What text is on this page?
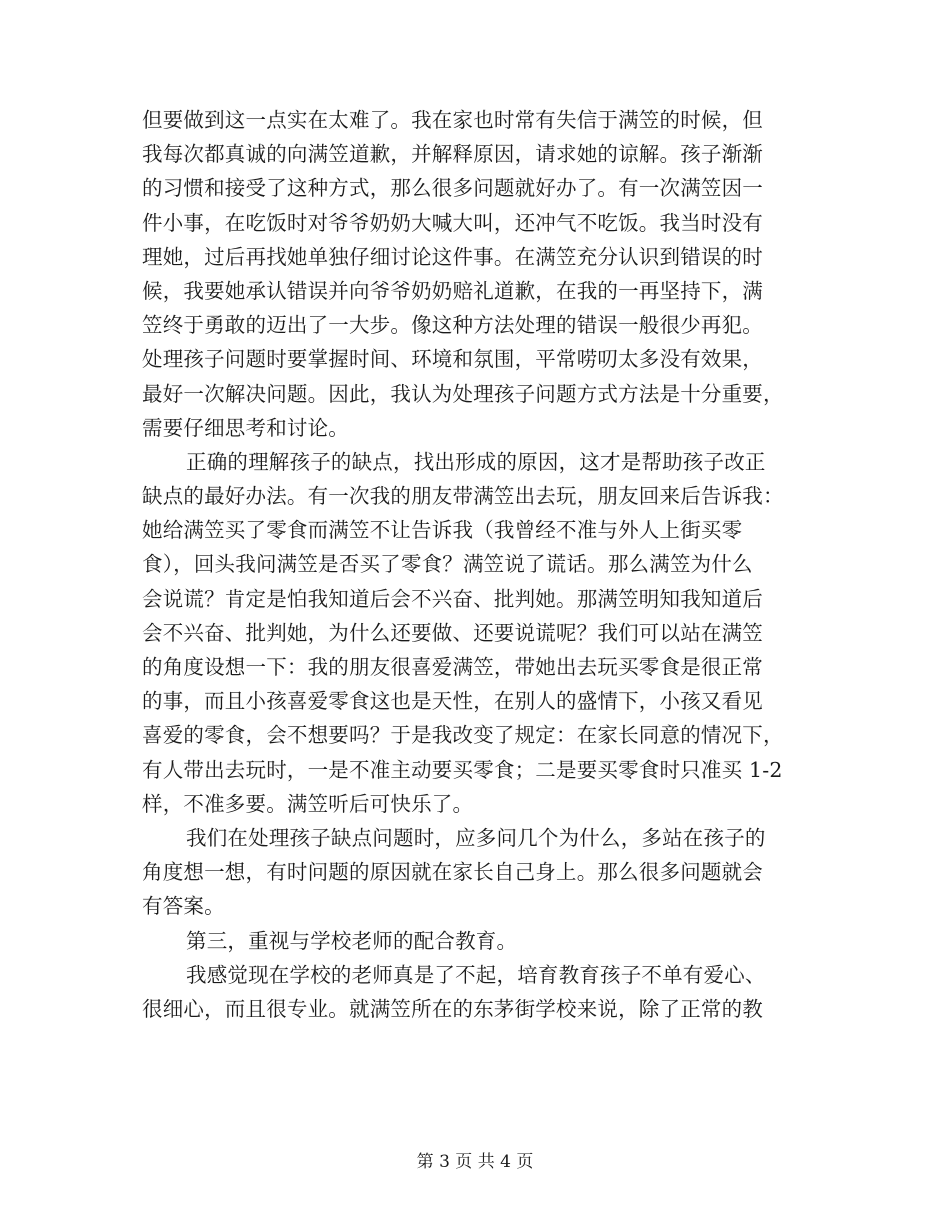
但要做到这一点实在太难了。我在家也时常有失信于满笠的时候，但
我每次都真诚的向满笠道歉，并解释原因，请求她的谅解。孩子渐渐
的习惯和接受了这种方式，那么很多问题就好办了。有一次满笠因一
件小事，在吃饭时对爷爷奶奶大喊大叫，还冲气不吃饭。我当时没有
理她，过后再找她单独仔细讨论这件事。在满笠充分认识到错误的时
候，我要她承认错误并向爷爷奶奶赔礼道歉，在我的一再坚持下，满
笠终于勇敢的迈出了一大步。像这种方法处理的错误一般很少再犯。
处理孩子问题时要掌握时间、环境和氛围，平常唠叨太多没有效果，
最好一次解决问题。因此，我认为处理孩子问题方式方法是十分重要，
需要仔细思考和讨论。
正确的理解孩子的缺点，找出形成的原因，这才是帮助孩子改正
缺点的最好办法。有一次我的朋友带满笠出去玩，朋友回来后告诉我：
她给满笠买了零食而满笠不让告诉我（我曾经不准与外人上街买零
食），回头我问满笠是否买了零食？满笠说了谎话。那么满笠为什么
会说谎？肯定是怕我知道后会不兴奋、批判她。那满笠明知我知道后
会不兴奋、批判她，为什么还要做、还要说谎呢？我们可以站在满笠
的角度设想一下：我的朋友很喜爱满笠，带她出去玩买零食是很正常
的事，而且小孩喜爱零食这也是天性，在别人的盛情下，小孩又看见
喜爱的零食，会不想要吗？于是我改变了规定：在家长同意的情况下，
有人带出去玩时，一是不准主动要买零食；二是要买零食时只准买 1-2
样，不准多要。满笠听后可快乐了。
我们在处理孩子缺点问题时，应多问几个为什么，多站在孩子的
角度想一想，有时问题的原因就在家长自己身上。那么很多问题就会
有答案。
第三，重视与学校老师的配合教育。
我感觉现在学校的老师真是了不起，培育教育孩子不单有爱心、
很细心，而且很专业。就满笠所在的东茅街学校来说，除了正常的教
第 3 页 共 4 页
